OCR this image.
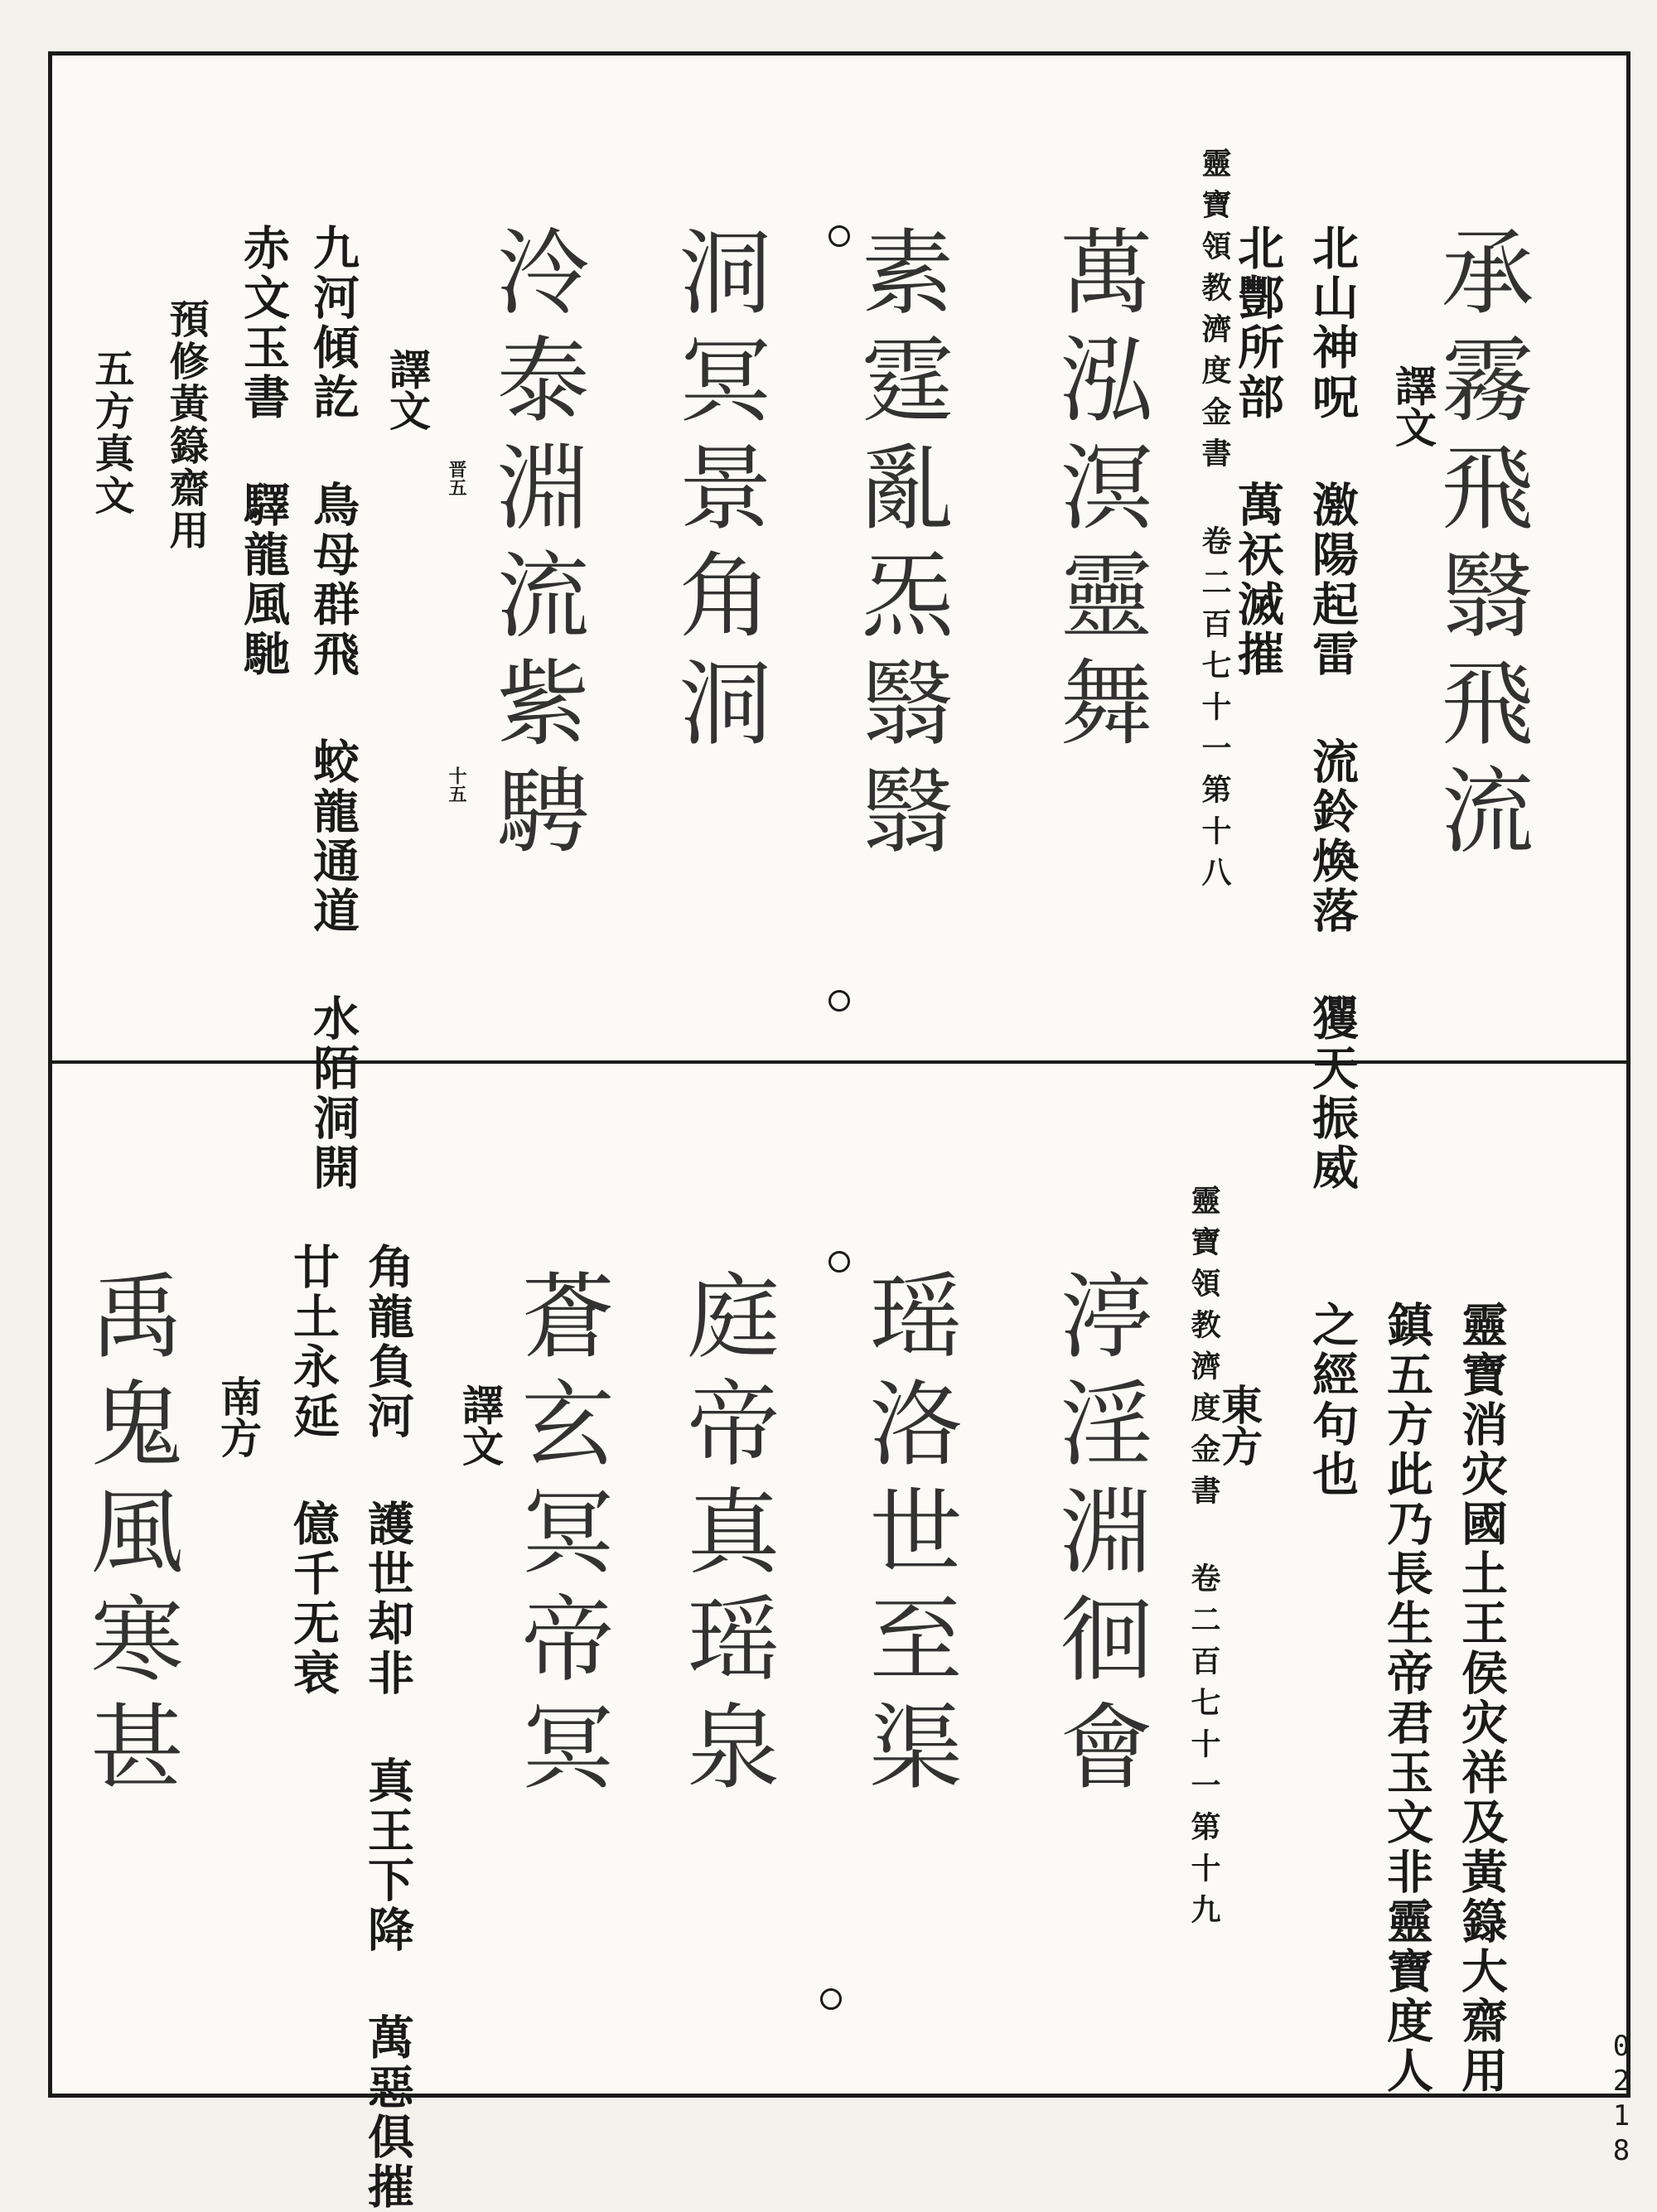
靈寶領教濟度金書 卷二百七十一第十八 承霧飛翳飛流
萬泓溟靈舞
素霆亂炁翳翳
洞冥景角洞
泠泰淵流紫騁	譯文
北山神呪 激陽起雷 流鈴煥落 玃天振威
北酆所部 萬祆滅摧
晋五
十五
譯文
九河傾訖 鳥母群飛 蛟龍通道 水陌洞開
赤文玉書 驛龍風馳
預修黃籙齋用
五方真文
靈寶領教濟度金書 卷二百七十一第十九	靈寶消灾國土王侯灾祥及黃籙大齋用
鎮五方此乃長生帝君玉文非靈寶度人
之經句也
東方
渟淫淵徊會
瑶洛世至渠
庭帝真瑶泉
蒼玄冥帝冥
譯文
角龍負河 護世却非 真王下降 萬惡俱摧
廿土永延 億千无衰
南方
禹鬼風寒甚
0218
